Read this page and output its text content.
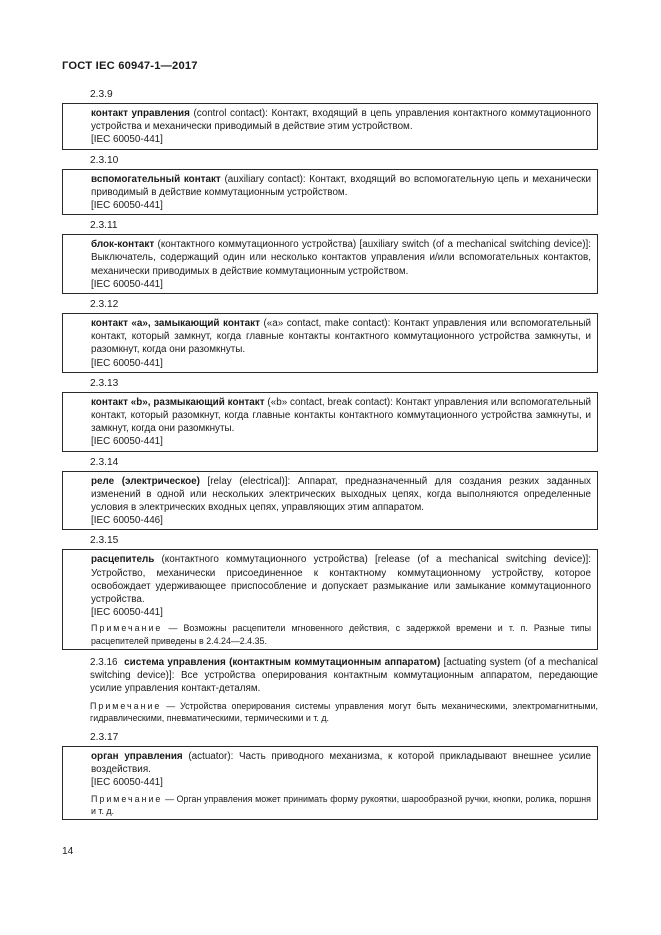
ГОСТ IEC 60947-1—2017
2.3.9

контакт управления (control contact): Контакт, входящий в цепь управления контактного коммутационного устройства и механически приводимый в действие этим устройством.

[IEC 60050-441]
2.3.10

вспомогательный контакт (auxiliary contact): Контакт, входящий во вспомогательную цепь и механически приводимый в действие коммутационным устройством.

[IEC 60050-441]
2.3.11

блок-контакт (контактного коммутационного устройства) [auxiliary switch (of a mechanical switching device)]: Выключатель, содержащий один или несколько контактов управления и/или вспомогательных контактов, механически приводимых в действие коммутационным устройством.

[IEC 60050-441]
2.3.12

контакт «а», замыкающий контакт («а» contact, make contact): Контакт управления или вспомогательный контакт, который замкнут, когда главные контакты контактного коммутационного устройства замкнуты, и разомкнут, когда они разомкнуты.

[IEC 60050-441]
2.3.13

контакт «b», размыкающий контакт («b» contact, break contact): Контакт управления или вспомогательный контакт, который разомкнут, когда главные контакты контактного коммутационного устройства замкнуты, и замкнут, когда они разомкнуты.

[IEC 60050-441]
2.3.14

реле (электрическое) [relay (electrical)]: Аппарат, предназначенный для создания резких заданных изменений в одной или нескольких электрических выходных цепях, когда выполняются определенные условия в электрических входных цепях, управляющих этим аппаратом.

[IEC 60050-446]
2.3.15

расцепитель (контактного коммутационного устройства) [release (of a mechanical switching device)]: Устройство, механически присоединенное к контактному коммутационному устройству, которое освобождает удерживающее приспособление и допускает размыкание или замыкание коммутационного устройства.

[IEC 60050-441]
Примечание — Возможны расцепители мгновенного действия, с задержкой времени и т. п. Разные типы расцепителей приведены в 2.4.24—2.4.35.
2.3.16 система управления (контактным коммутационным аппаратом) [actuating system (of a mechanical switching device)]: Все устройства оперирования контактным коммутационным аппаратом, передающие усилие управления контакт-деталям.
Примечание — Устройства оперирования системы управления могут быть механическими, электромагнитными, гидравлическими, пневматическими, термическими и т. д.
2.3.17

орган управления (actuator): Часть приводного механизма, к которой прикладывают внешнее усилие воздействия.

[IEC 60050-441]
Примечание — Орган управления может принимать форму рукоятки, шарообразной ручки, кнопки, ролика, поршня и т. д.
14
